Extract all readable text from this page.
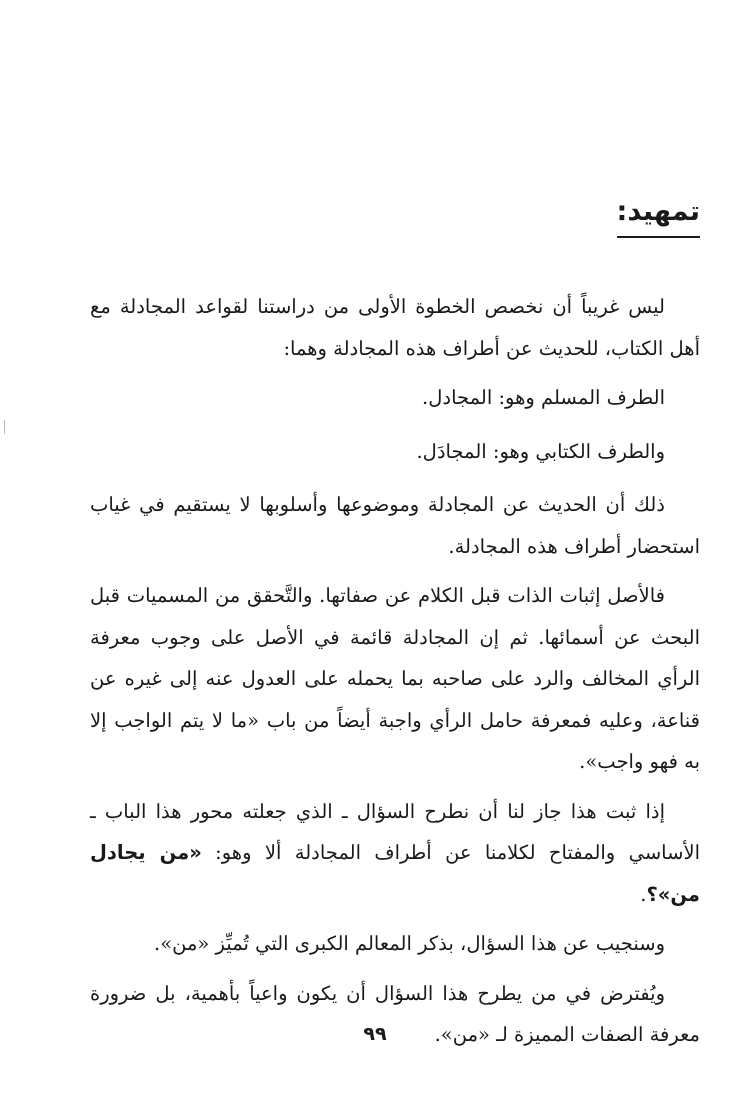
تمهيد:

ليس غريباً أن نخصص الخطوة الأولى من دراستنا لقواعد المجادلة مع أهل الكتاب، للحديث عن أطراف هذه المجادلة وهما:

الطرف المسلم وهو: المجادل.

والطرف الكتابي وهو: المجادَل.

ذلك أن الحديث عن المجادلة وموضوعها وأسلوبها لا يستقيم في غياب استحضار أطراف هذه المجادلة.

فالأصل إثبات الذات قبل الكلام عن صفاتها. والتَّحقق من المسميات قبل البحث عن أسمائها. ثم إن المجادلة قائمة في الأصل على وجوب معرفة الرأي المخالف والرد على صاحبه بما يحمله على العدول عنه إلى غيره عن قناعة، وعليه فمعرفة حامل الرأي واجبة أيضاً من باب «ما لا يتم الواجب إلا به فهو واجب».

إذا ثبت هذا جاز لنا أن نطرح السؤال ـ الذي جعلته محور هذا الباب ـ الأساسي والمفتاح لكلامنا عن أطراف المجادلة ألا وهو: «من يجادل من»؟.

وسنجيب عن هذا السؤال، بذكر المعالم الكبرى التي تُميِّز «من».

ويُفترض في من يطرح هذا السؤال أن يكون واعياً بأهمية، بل ضرورة معرفة الصفات المميزة لـ «من».

٩٩
